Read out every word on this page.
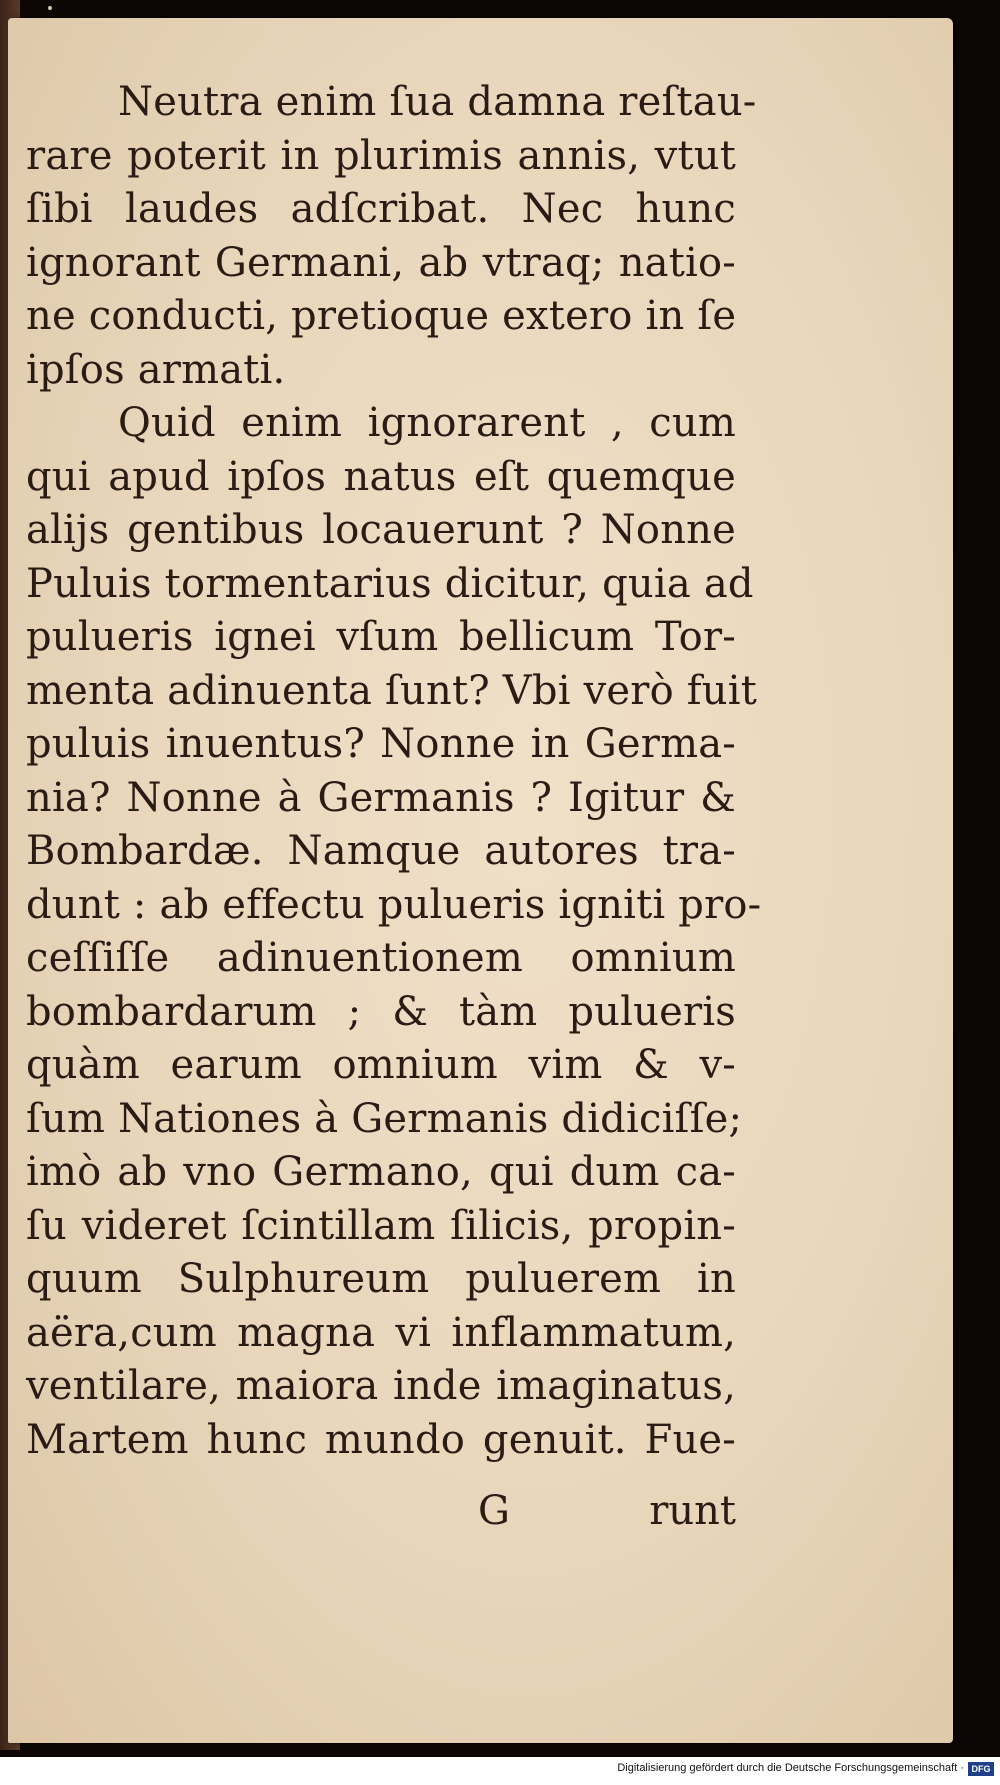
Neutra enim ſua damna reſtau-
rare poterit in plurimis annis, vtut
ſibi laudes adſcribat. Nec hunc
ignorant Germani, ab vtraq; natio-
ne conducti, pretioque extero in ſe
ipſos armati.
Quid enim ignorarent , cum
qui apud ipſos natus eſt quemque
alijs gentibus locauerunt ? Nonne
Puluis tormentarius dicitur, quia ad
pulueris ignei vſum bellicum Tor-
menta adinuenta ſunt? Vbi verò fuit
puluis inuentus? Nonne in Germa-
nia? Nonne à Germanis ? Igitur &
Bombardæ. Namque autores tra-
dunt : ab effectu pulueris igniti pro-
ceſſiſſe adinuentionem omnium
bombardarum ; & tàm pulueris
quàm earum omnium vim & v-
ſum Nationes à Germanis didiciſſe;
imò ab vno Germano, qui dum ca-
ſu videret ſcintillam ſilicis, propin-
quum Sulphureum puluerem in
aëra,cum magna vi inflammatum,
ventilare, maiora inde imaginatus,
Martem hunc mundo genuit. Fue-
G	runt
Digitalisierung gefördert durch die Deutsche Forschungsgemeinschaft · DFG
